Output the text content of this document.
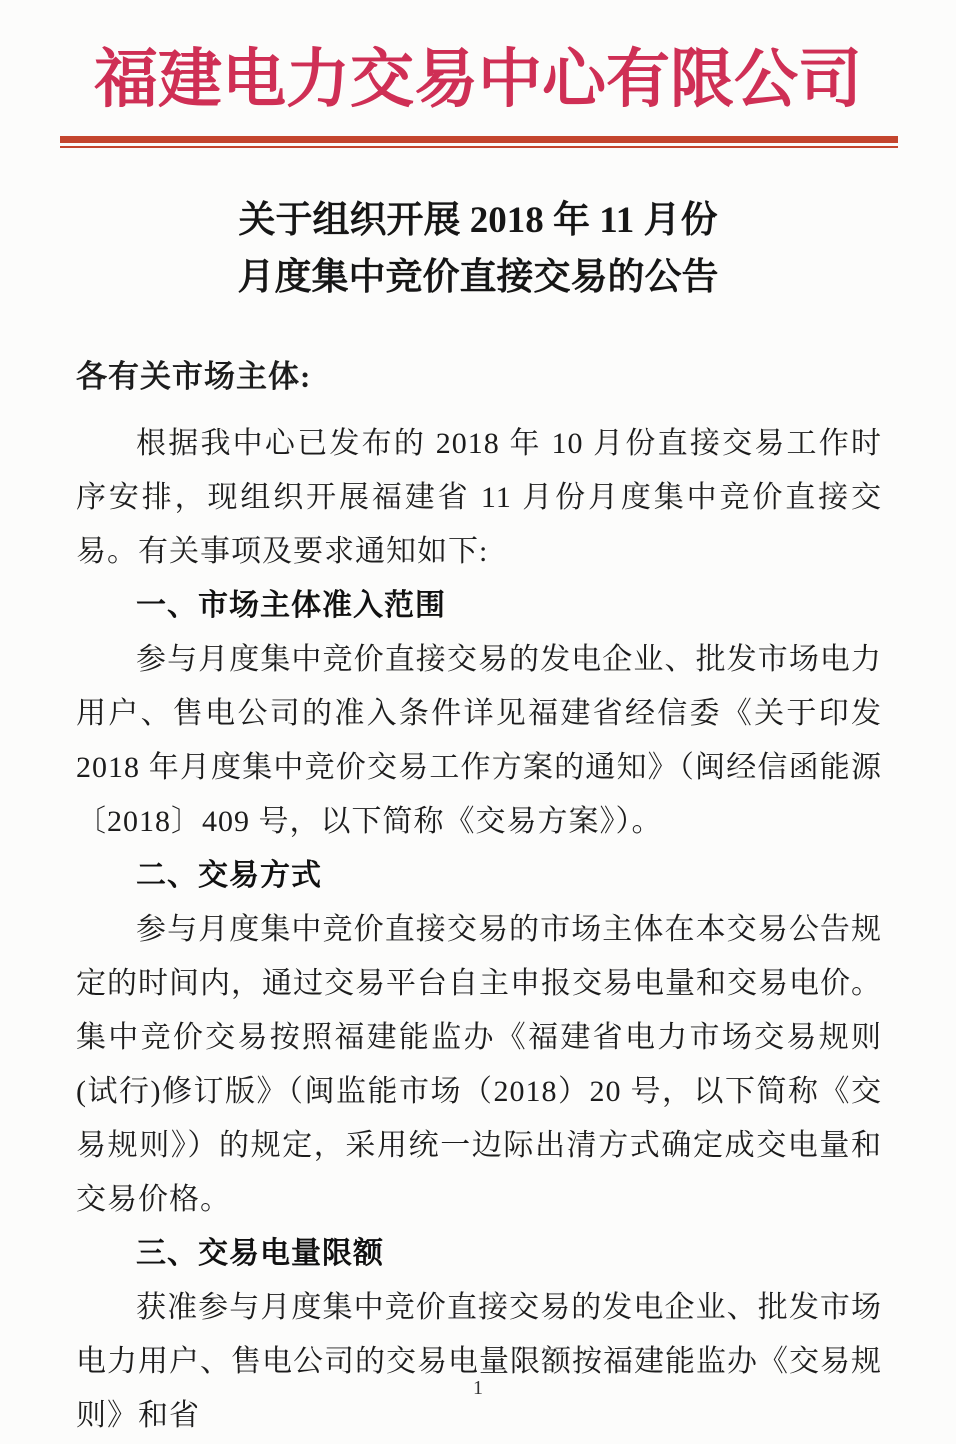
福建电力交易中心有限公司
关于组织开展 2018 年 11 月份
月度集中竞价直接交易的公告

各有关市场主体:

根据我中心已发布的 2018 年 10 月份直接交易工作时序安排，现组织开展福建省 11 月份月度集中竞价直接交易。有关事项及要求通知如下:

一、市场主体准入范围

参与月度集中竞价直接交易的发电企业、批发市场电力用户、售电公司的准入条件详见福建省经信委《关于印发 2018 年月度集中竞价交易工作方案的通知》（闽经信函能源〔2018〕409 号，以下简称《交易方案》）。

二、交易方式

参与月度集中竞价直接交易的市场主体在本交易公告规定的时间内，通过交易平台自主申报交易电量和交易电价。集中竞价交易按照福建能监办《福建省电力市场交易规则(试行)修订版》（闽监能市场（2018）20 号，以下简称《交易规则》）的规定，采用统一边际出清方式确定成交电量和交易价格。

三、交易电量限额

获准参与月度集中竞价直接交易的发电企业、批发市场电力用户、售电公司的交易电量限额按福建能监办《交易规则》和省

1
